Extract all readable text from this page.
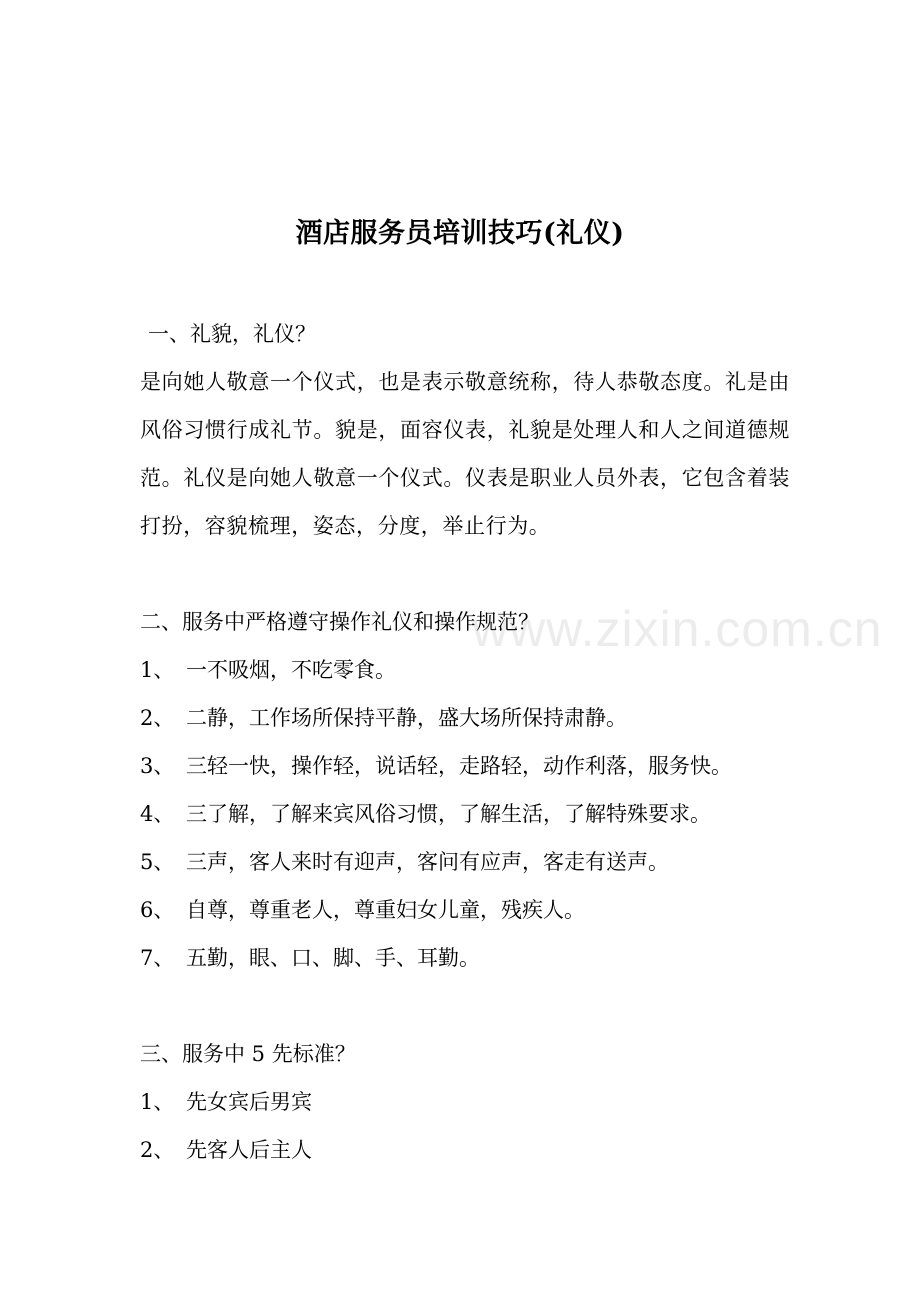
酒店服务员培训技巧(礼仪)
一、礼貌，礼仪？
是向她人敬意一个仪式，也是表示敬意统称，待人恭敬态度。礼是由风俗习惯行成礼节。貌是，面容仪表，礼貌是处理人和人之间道德规范。礼仪是向她人敬意一个仪式。仪表是职业人员外表，它包含着装打扮，容貌梳理，姿态，分度，举止行为。
二、服务中严格遵守操作礼仪和操作规范？
1、 一不吸烟，不吃零食。
2、 二静，工作场所保持平静，盛大场所保持肃静。
3、 三轻一快，操作轻，说话轻，走路轻，动作利落，服务快。
4、 三了解，了解来宾风俗习惯，了解生活，了解特殊要求。
5、 三声，客人来时有迎声，客问有应声，客走有送声。
6、 自尊，尊重老人，尊重妇女儿童，残疾人。
7、 五勤，眼、口、脚、手、耳勤。
三、服务中 5 先标准？
1、 先女宾后男宾
2、 先客人后主人
www.zixin.com.cn
